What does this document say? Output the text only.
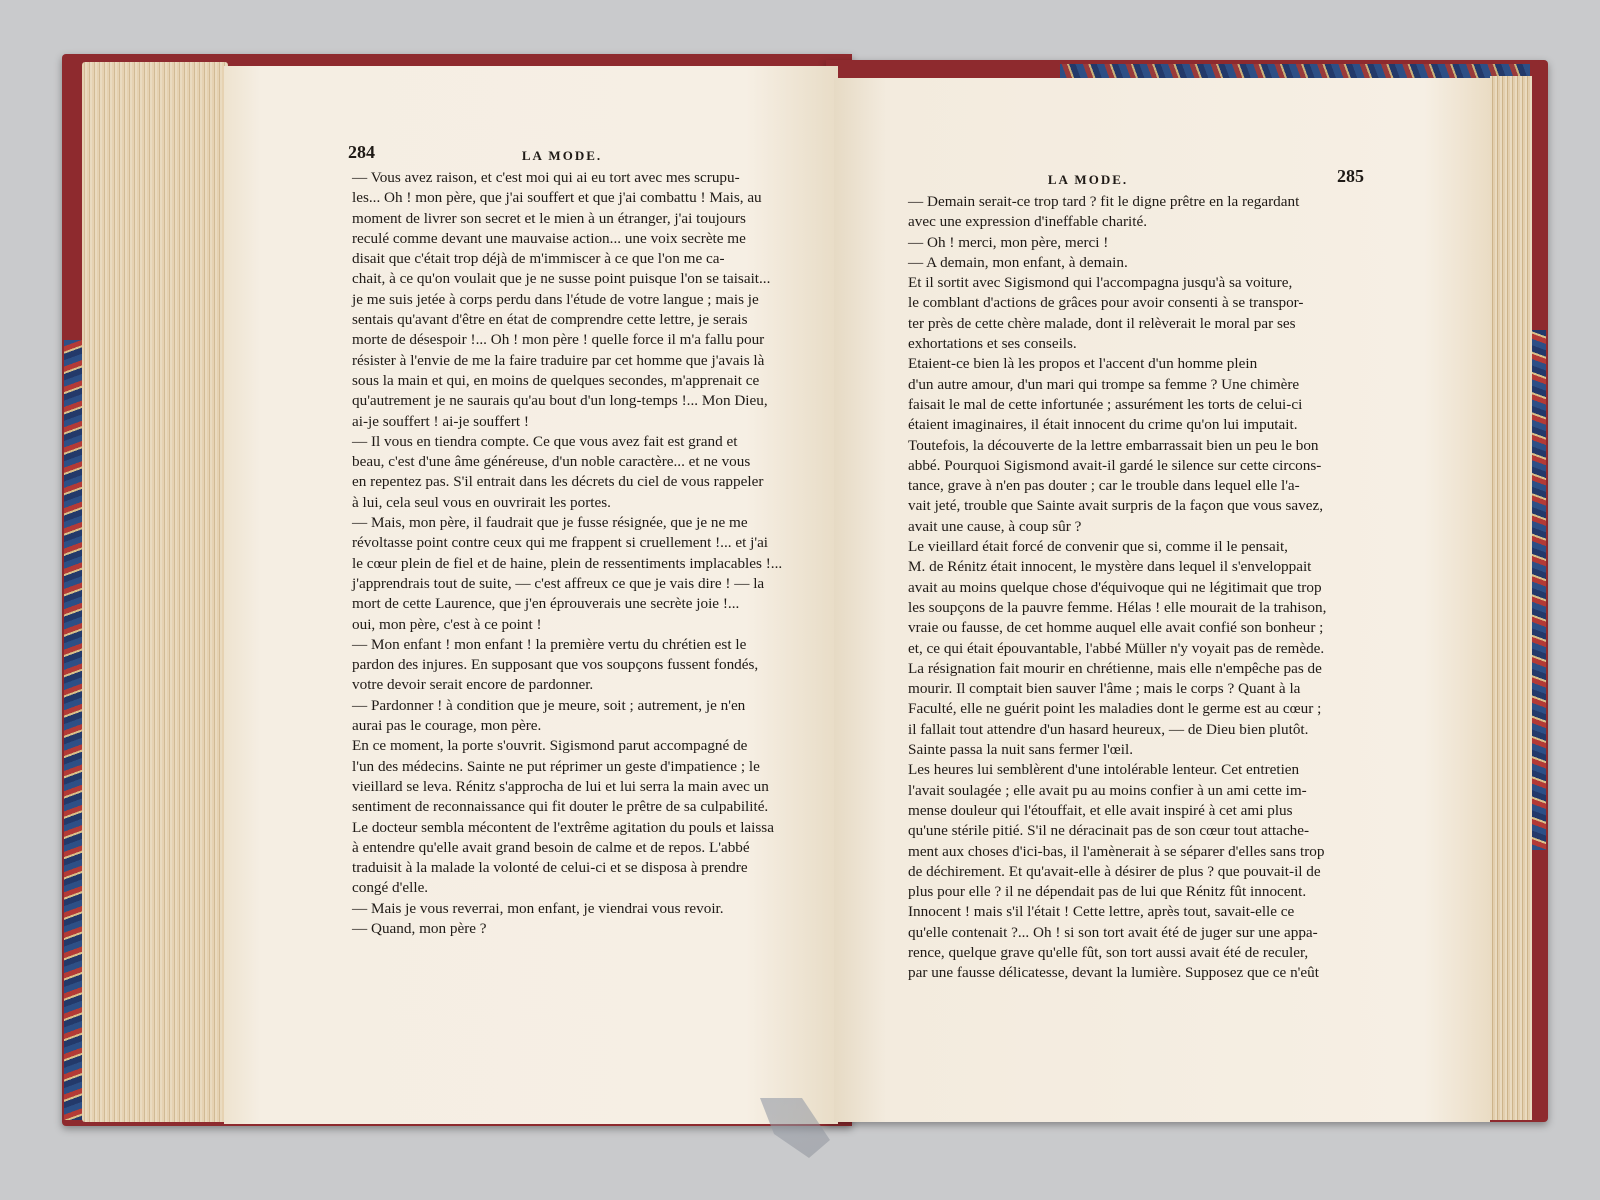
284	LA MODE.

— Vous avez raison, et c'est moi qui ai eu tort avec mes scrupu-

les... Oh ! mon père, que j'ai souffert et que j'ai combattu ! Mais, au

moment de livrer son secret et le mien à un étranger, j'ai toujours

reculé comme devant une mauvaise action... une voix secrète me

disait que c'était trop déjà de m'immiscer à ce que l'on me ca-

chait, à ce qu'on voulait que je ne susse point puisque l'on se taisait...

je me suis jetée à corps perdu dans l'étude de votre langue ; mais je

sentais qu'avant d'être en état de comprendre cette lettre, je serais

morte de désespoir !... Oh ! mon père ! quelle force il m'a fallu pour

résister à l'envie de me la faire traduire par cet homme que j'avais là

sous la main et qui, en moins de quelques secondes, m'apprenait ce

qu'autrement je ne saurais qu'au bout d'un long-temps !... Mon Dieu,

ai-je souffert ! ai-je souffert !

— Il vous en tiendra compte. Ce que vous avez fait est grand et

beau, c'est d'une âme généreuse, d'un noble caractère... et ne vous

en repentez pas. S'il entrait dans les décrets du ciel de vous rappeler

à lui, cela seul vous en ouvrirait les portes.

— Mais, mon père, il faudrait que je fusse résignée, que je ne me

révoltasse point contre ceux qui me frappent si cruellement !... et j'ai

le cœur plein de fiel et de haine, plein de ressentiments implacables !...

j'apprendrais tout de suite, — c'est affreux ce que je vais dire ! — la

mort de cette Laurence, que j'en éprouverais une secrète joie !...

oui, mon père, c'est à ce point !

— Mon enfant ! mon enfant ! la première vertu du chrétien est le

pardon des injures. En supposant que vos soupçons fussent fondés,

votre devoir serait encore de pardonner.

— Pardonner ! à condition que je meure, soit ; autrement, je n'en

aurai pas le courage, mon père.

En ce moment, la porte s'ouvrit. Sigismond parut accompagné de

l'un des médecins. Sainte ne put réprimer un geste d'impatience ; le

vieillard se leva. Rénitz s'approcha de lui et lui serra la main avec un

sentiment de reconnaissance qui fit douter le prêtre de sa culpabilité.

Le docteur sembla mécontent de l'extrême agitation du pouls et laissa

à entendre qu'elle avait grand besoin de calme et de repos. L'abbé

traduisit à la malade la volonté de celui-ci et se disposa à prendre

congé d'elle.

— Mais je vous reverrai, mon enfant, je viendrai vous revoir.

— Quand, mon père ?

LA MODE.	285

— Demain serait-ce trop tard ? fit le digne prêtre en la regardant

avec une expression d'ineffable charité.

— Oh ! merci, mon père, merci !

— A demain, mon enfant, à demain.

Et il sortit avec Sigismond qui l'accompagna jusqu'à sa voiture,

le comblant d'actions de grâces pour avoir consenti à se transpor-

ter près de cette chère malade, dont il relèverait le moral par ses

exhortations et ses conseils.

Etaient-ce bien là les propos et l'accent d'un homme plein

d'un autre amour, d'un mari qui trompe sa femme ? Une chimère

faisait le mal de cette infortunée ; assurément les torts de celui-ci

étaient imaginaires, il était innocent du crime qu'on lui imputait.

Toutefois, la découverte de la lettre embarrassait bien un peu le bon

abbé. Pourquoi Sigismond avait-il gardé le silence sur cette circons-

tance, grave à n'en pas douter ; car le trouble dans lequel elle l'a-

vait jeté, trouble que Sainte avait surpris de la façon que vous savez,

avait une cause, à coup sûr ?

Le vieillard était forcé de convenir que si, comme il le pensait,

M. de Rénitz était innocent, le mystère dans lequel il s'enveloppait

avait au moins quelque chose d'équivoque qui ne légitimait que trop

les soupçons de la pauvre femme. Hélas ! elle mourait de la trahison,

vraie ou fausse, de cet homme auquel elle avait confié son bonheur ;

et, ce qui était épouvantable, l'abbé Müller n'y voyait pas de remède.

La résignation fait mourir en chrétienne, mais elle n'empêche pas de

mourir. Il comptait bien sauver l'âme ; mais le corps ? Quant à la

Faculté, elle ne guérit point les maladies dont le germe est au cœur ;

il fallait tout attendre d'un hasard heureux, — de Dieu bien plutôt.

Sainte passa la nuit sans fermer l'œil.

Les heures lui semblèrent d'une intolérable lenteur. Cet entretien

l'avait soulagée ; elle avait pu au moins confier à un ami cette im-

mense douleur qui l'étouffait, et elle avait inspiré à cet ami plus

qu'une stérile pitié. S'il ne déracinait pas de son cœur tout attache-

ment aux choses d'ici-bas, il l'amènerait à se séparer d'elles sans trop

de déchirement. Et qu'avait-elle à désirer de plus ? que pouvait-il de

plus pour elle ? il ne dépendait pas de lui que Rénitz fût innocent.

Innocent ! mais s'il l'était ! Cette lettre, après tout, savait-elle ce

qu'elle contenait ?... Oh ! si son tort avait été de juger sur une appa-

rence, quelque grave qu'elle fût, son tort aussi avait été de reculer,

par une fausse délicatesse, devant la lumière. Supposez que ce n'eût
